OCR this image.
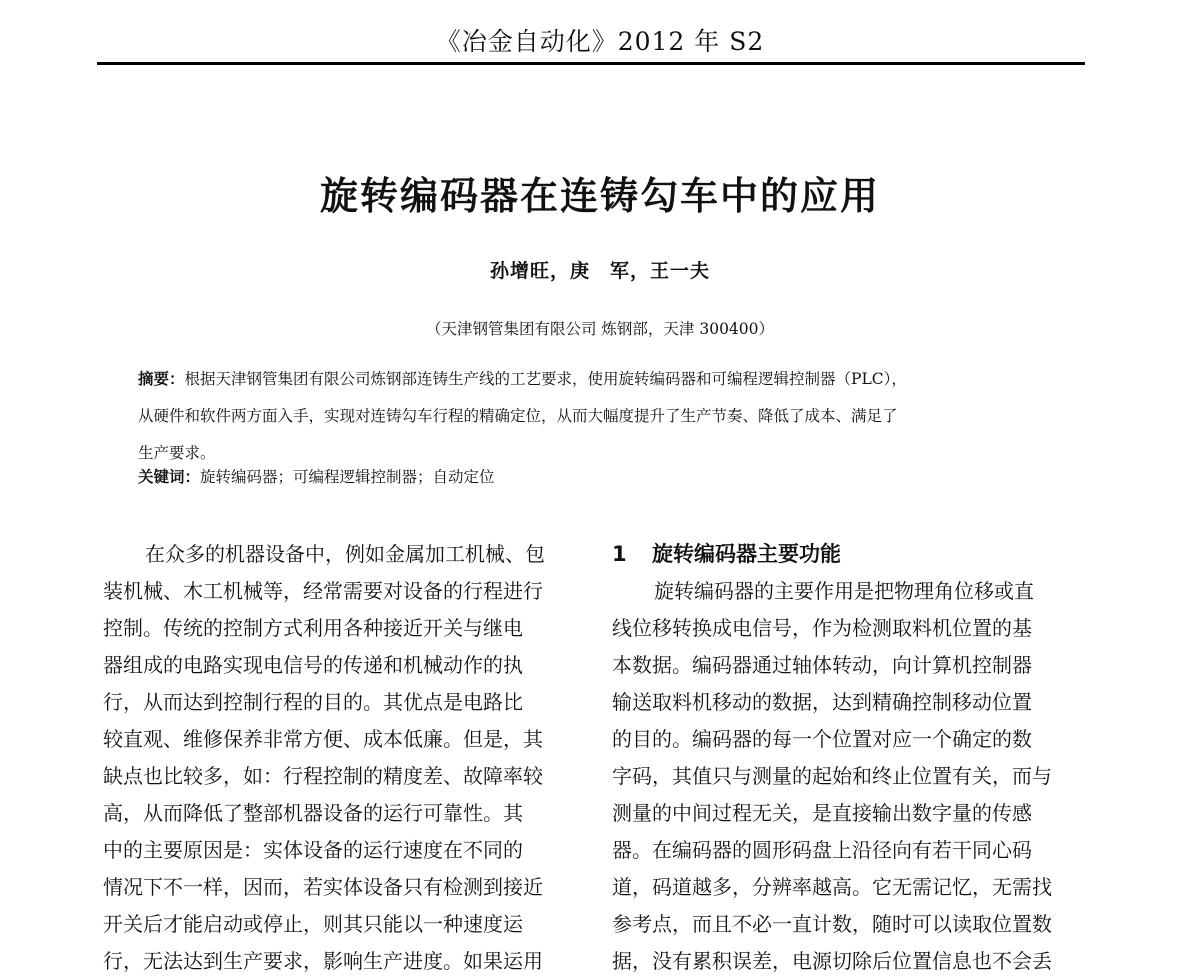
《冶金自动化》2012 年 S2
旋转编码器在连铸勾车中的应用
孙增旺，庚　军，王一夫
（天津钢管集团有限公司 炼钢部，天津 300400）
摘要：根据天津钢管集团有限公司炼钢部连铸生产线的工艺要求，使用旋转编码器和可编程逻辑控制器（PLC），
从硬件和软件两方面入手，实现对连铸勾车行程的精确定位，从而大幅度提升了生产节奏、降低了成本、满足了
生产要求。
关键词：旋转编码器；可编程逻辑控制器；自动定位
在众多的机器设备中，例如金属加工机械、包
装机械、木工机械等，经常需要对设备的行程进行
控制。传统的控制方式利用各种接近开关与继电
器组成的电路实现电信号的传递和机械动作的执
行，从而达到控制行程的目的。其优点是电路比
较直观、维修保养非常方便、成本低廉。但是，其
缺点也比较多，如：行程控制的精度差、故障率较
高，从而降低了整部机器设备的运行可靠性。其
中的主要原因是：实体设备的运行速度在不同的
情况下不一样，因而，若实体设备只有检测到接近
开关后才能启动或停止，则其只能以一种速度运
行，无法达到生产要求，影响生产进度。如果运用
1 旋转编码器主要功能
旋转编码器的主要作用是把物理角位移或直
线位移转换成电信号，作为检测取料机位置的基
本数据。编码器通过轴体转动，向计算机控制器
输送取料机移动的数据，达到精确控制移动位置
的目的。编码器的每一个位置对应一个确定的数
字码，其值只与测量的起始和终止位置有关，而与
测量的中间过程无关，是直接输出数字量的传感
器。在编码器的圆形码盘上沿径向有若干同心码
道，码道越多，分辨率越高。它无需记忆，无需找
参考点，而且不必一直计数，随时可以读取位置数
据，没有累积误差，电源切除后位置信息也不会丢
